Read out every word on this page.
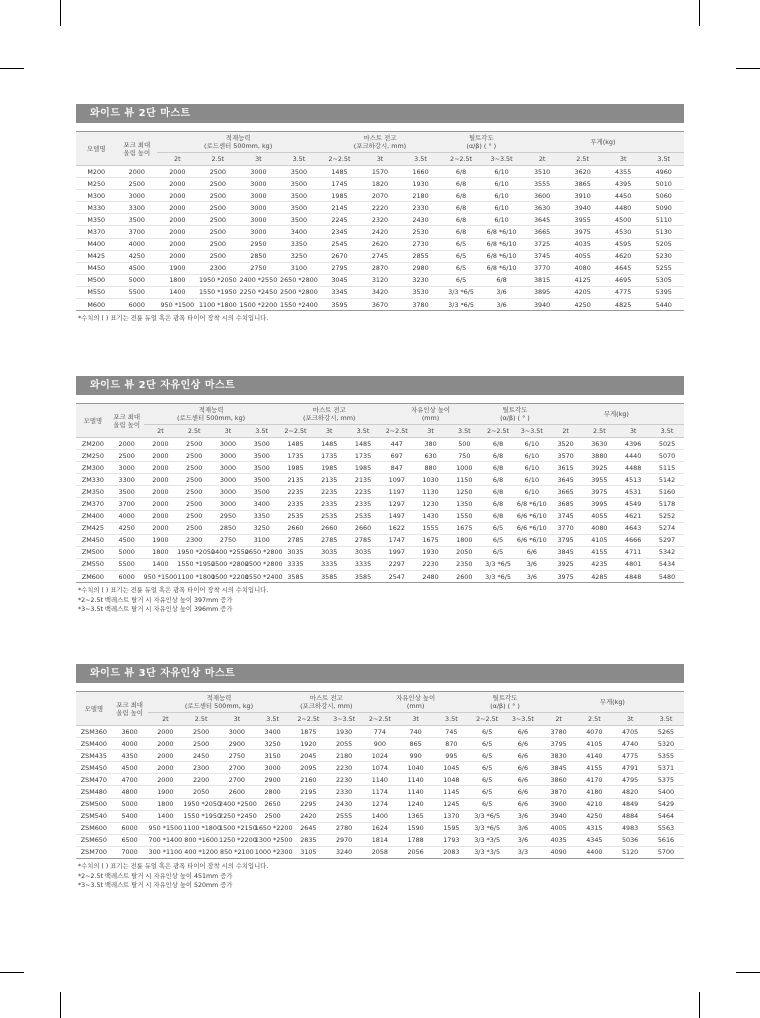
와이드 뷰 2단 마스트
모델명	포크 최대
올림 높이	적재능력
(로드센터 500mm, kg)				마스트 전고
(포크하강시, mm)			틸트각도
(α/β) ( ° )		무게(kg)			
		2t	2.5t	3t	3.5t	2~2.5t	3t	3.5t	2~2.5t	3~3.5t	2t	2.5t	3t	3.5t
M200	2000	2000	2500	3000	3500	1485	1570	1660	6/8	6/10	3510	3620	4355	4960
M250	2500	2000	2500	3000	3500	1745	1820	1930	6/8	6/10	3555	3865	4395	5010
M300	3000	2000	2500	3000	3500	1985	2070	2180	6/8	6/10	3600	3910	4450	5060
M330	3300	2000	2500	3000	3500	2145	2220	2330	6/8	6/10	3630	3940	4480	5090
M350	3500	2000	2500	3000	3500	2245	2320	2430	6/8	6/10	3645	3955	4500	5110
M370	3700	2000	2500	3000	3400	2345	2420	2530	6/8	6/8 *6/10	3665	3975	4530	5130
M400	4000	2000	2500	2950	3350	2545	2620	2730	6/5	6/8 *6/10	3725	4035	4595	5205
M425	4250	2000	2500	2850	3250	2670	2745	2855	6/5	6/8 *6/10	3745	4055	4620	5230
M450	4500	1900	2300	2750	3100	2795	2870	2980	6/5	6/8 *6/10	3770	4080	4645	5255
M500	5000	1800	1950 *2050	2400 *2550	2650 *2800	3045	3120	3230	6/5	6/8	3815	4125	4695	5305
M550	5500	1400	1550 *1950	2250 *2450	2500 *2800	3345	3420	3530	3/3 *6/5	3/6	3895	4205	4775	5395
M600	6000	950 *1500	1100 *1800	1500 *2200	1550 *2400	3595	3670	3780	3/3 *6/5	3/6	3940	4250	4825	5440
*수치의 ( ) 표기는 전륜 듀얼 혹은 광폭 타이어 장착 시의 수치입니다.
와이드 뷰 2단 자유인상 마스트
모델명	포크 최대
올림 높이	적재능력
(로드센터 500mm, kg)				마스트 전고
(포크하강시, mm)			자유인상 높이
(mm)			틸트각도
(α/β) ( ° )		무게(kg)			
		2t	2.5t	3t	3.5t	2~2.5t	3t	3.5t	2~2.5t	3t	3.5t	2~2.5t	3~3.5t	2t	2.5t	3t	3.5t
ZM200	2000	2000	2500	3000	3500	1485	1485	1485	447	380	500	6/8	6/10	3520	3630	4396	5025
ZM250	2500	2000	2500	3000	3500	1735	1735	1735	697	630	750	6/8	6/10	3570	3880	4440	5070
ZM300	3000	2000	2500	3000	3500	1985	1985	1985	847	880	1000	6/8	6/10	3615	3925	4488	5115
ZM330	3300	2000	2500	3000	3500	2135	2135	2135	1097	1030	1150	6/8	6/10	3645	3955	4513	5142
ZM350	3500	2000	2500	3000	3500	2235	2235	2235	1197	1130	1250	6/8	6/10	3665	3975	4531	5160
ZM370	3700	2000	2500	3000	3400	2335	2335	2335	1297	1230	1350	6/8	6/8 *6/10	3685	3995	4549	5178
ZM400	4000	2000	2500	2950	3350	2535	2535	2535	1497	1430	1550	6/8	6/6 *6/10	3745	4055	4621	5252
ZM425	4250	2000	2500	2850	3250	2660	2660	2660	1622	1555	1675	6/5	6/6 *6/10	3770	4080	4643	5274
ZM450	4500	1900	2300	2750	3100	2785	2785	2785	1747	1675	1800	6/5	6/6 *6/10	3795	4105	4666	5297
ZM500	5000	1800	1950 *2050	2400 *2550	2650 *2800	3035	3035	3035	1997	1930	2050	6/5	6/6	3845	4155	4711	5342
ZM550	5500	1400	1550 *1950	2500 *2800	2500 *2800	3335	3335	3335	2297	2230	2350	3/3 *6/5	3/6	3925	4235	4801	5434
ZM600	6000	950 *1500	1100 *1800	1500 *2200	1550 *2400	3585	3585	3585	2547	2480	2600	3/3 *6/5	3/6	3975	4285	4848	5480
*수치의 ( ) 표기는 전륜 듀얼 혹은 광폭 타이어 장착 시의 수치입니다.
*2~2.5t 백레스트 탈거 시 자유인상 높이 397mm 증가
*3~3.5t 백레스트 탈거 시 자유인상 높이 396mm 증가
와이드 뷰 3단 자유인상 마스트
모델명	포크 최대
올림 높이	적재능력
(로드센터 500mm, kg)				마스트 전고
(포크하강시, mm)		자유인상 높이
(mm)			틸트각도
(α/β) ( ° )		무게(kg)			
		2t	2.5t	3t	3.5t	2~2.5t	3~3.5t	2~2.5t	3t	3.5t	2~2.5t	3~3.5t	2t	2.5t	3t	3.5t
ZSM360	3600	2000	2500	3000	3400	1875	1930	774	740	745	6/5	6/6	3780	4070	4705	5265
ZSM400	4000	2000	2500	2900	3250	1920	2055	900	865	870	6/5	6/6	3795	4105	4740	5320
ZSM435	4350	2000	2450	2750	3150	2045	2180	1024	990	995	6/5	6/6	3830	4140	4775	5355
ZSM450	4500	2000	2300	2700	3000	2095	2230	1074	1040	1045	6/5	6/6	3845	4155	4791	5371
ZSM470	4700	2000	2200	2700	2900	2160	2230	1140	1140	1048	6/5	6/6	3860	4170	4795	5375
ZSM480	4800	1900	2050	2600	2800	2195	2330	1174	1140	1145	6/5	6/6	3870	4180	4820	5400
ZSM500	5000	1800	1950 *2050	2400 *2500	2650	2295	2430	1274	1240	1245	6/5	6/6	3900	4210	4849	5429
ZSM540	5400	1400	1550 *1950	2250 *2450	2500	2420	2555	1400	1365	1370	3/3 *6/5	3/6	3940	4250	4884	5464
ZSM600	6000	950 *1500	1100 *1800	1500 *2150	1650 *2200	2645	2780	1624	1590	1595	3/3 *6/5	3/6	4005	4315	4983	5563
ZSM650	6500	700 *1400	800 *1600	1250 *2200	1300 *2500	2835	2970	1814	1788	1793	3/3 *3/5	3/6	4035	4345	5036	5616
ZSM700	7000	300 *1100	400 *1200	850 *2100	1000 *2300	3105	3240	2058	2056	2083	3/3 *3/5	3/3	4090	4400	5120	5700
*수치의 ( ) 표기는 전륜 듀얼 혹은 광폭 타이어 장착 시의 수치입니다.
*2~2.5t 백레스트 탈거 시 자유인상 높이 451mm 증가
*3~3.5t 백레스트 탈거 시 자유인상 높이 520mm 증가
